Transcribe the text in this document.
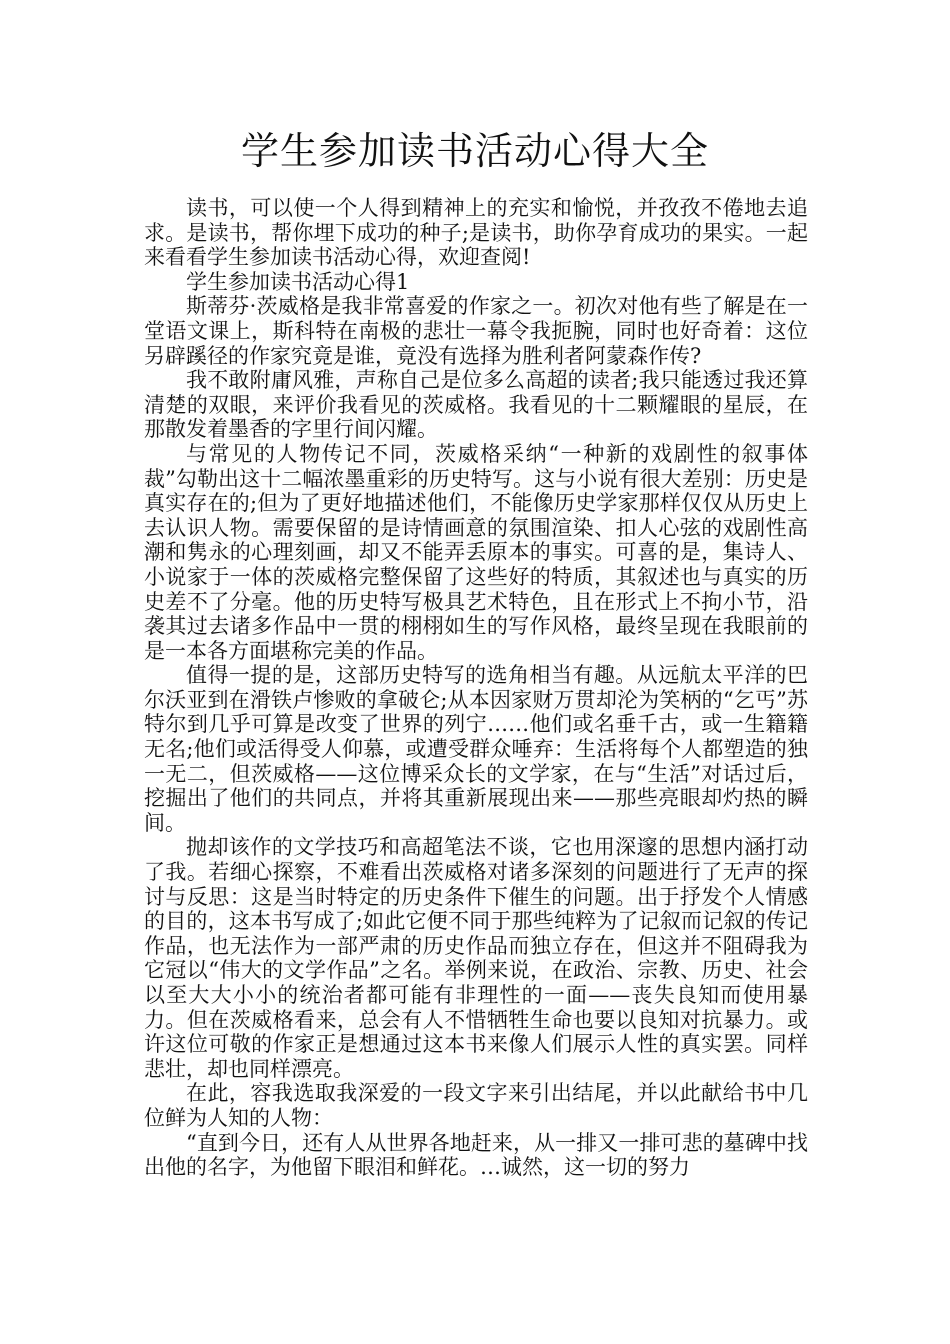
学生参加读书活动心得大全

读书，可以使一个人得到精神上的充实和愉悦，并孜孜不倦地去追求。是读书，帮你埋下成功的种子;是读书，助你孕育成功的果实。一起来看看学生参加读书活动心得，欢迎查阅!

学生参加读书活动心得1

斯蒂芬·茨威格是我非常喜爱的作家之一。初次对他有些了解是在一堂语文课上，斯科特在南极的悲壮一幕令我扼腕，同时也好奇着：这位另辟蹊径的作家究竟是谁，竟没有选择为胜利者阿蒙森作传?

我不敢附庸风雅，声称自己是位多么高超的读者;我只能透过我还算清楚的双眼，来评价我看见的茨威格。我看见的十二颗耀眼的星辰，在那散发着墨香的字里行间闪耀。

与常见的人物传记不同，茨威格采纳“一种新的戏剧性的叙事体裁”勾勒出这十二幅浓墨重彩的历史特写。这与小说有很大差别：历史是真实存在的;但为了更好地描述他们，不能像历史学家那样仅仅从历史上去认识人物。需要保留的是诗情画意的氛围渲染、扣人心弦的戏剧性高潮和隽永的心理刻画，却又不能弄丢原本的事实。可喜的是，集诗人、小说家于一体的茨威格完整保留了这些好的特质，其叙述也与真实的历史差不了分毫。他的历史特写极具艺术特色，且在形式上不拘小节，沿袭其过去诸多作品中一贯的栩栩如生的写作风格，最终呈现在我眼前的是一本各方面堪称完美的作品。

值得一提的是，这部历史特写的选角相当有趣。从远航太平洋的巴尔沃亚到在滑铁卢惨败的拿破仑;从本因家财万贯却沦为笑柄的“乞丐”苏特尔到几乎可算是改变了世界的列宁……他们或名垂千古，或一生籍籍无名;他们或活得受人仰慕，或遭受群众唾弃：生活将每个人都塑造的独一无二，但茨威格——这位博采众长的文学家，在与“生活”对话过后，挖掘出了他们的共同点，并将其重新展现出来——那些亮眼却灼热的瞬间。

抛却该作的文学技巧和高超笔法不谈，它也用深邃的思想内涵打动了我。若细心探察，不难看出茨威格对诸多深刻的问题进行了无声的探讨与反思：这是当时特定的历史条件下催生的问题。出于抒发个人情感的目的，这本书写成了;如此它便不同于那些纯粹为了记叙而记叙的传记作品，也无法作为一部严肃的历史作品而独立存在，但这并不阻碍我为它冠以“伟大的文学作品”之名。举例来说，在政治、宗教、历史、社会以至大大小小的统治者都可能有非理性的一面——丧失良知而使用暴力。但在茨威格看来，总会有人不惜牺牲生命也要以良知对抗暴力。或许这位可敬的作家正是想通过这本书来像人们展示人性的真实罢。同样悲壮，却也同样漂亮。

在此，容我选取我深爱的一段文字来引出结尾，并以此献给书中几位鲜为人知的人物：

“直到今日，还有人从世界各地赶来，从一排又一排可悲的墓碑中找出他的名字，为他留下眼泪和鲜花。…诚然，这一切的努力
